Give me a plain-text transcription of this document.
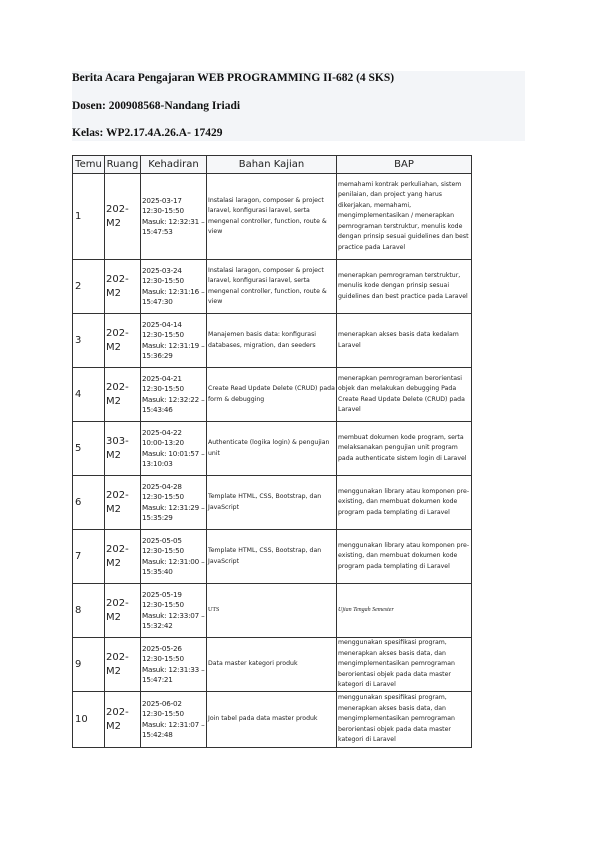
Berita Acara Pengajaran WEB PROGRAMMING II-682 (4 SKS)
Dosen: 200908568-Nandang Iriadi
Kelas: WP2.17.4A.26.A- 17429
Temu	Ruang	Kehadiran	Bahan Kajian	BAP
1	202-M2	2025-03-17 12:30-15:50 Masuk: 12:32:31 –15:47:53	Instalasi laragon, composer & project laravel, konfigurasi laravel, serta mengenal controller, function, route & view	memahami kontrak perkuliahan, sistem penilaian, dan project yang harus dikerjakan, memahami, mengimplementasikan / menerapkan pemrograman terstruktur, menulis kode dengan prinsip sesuai guidelines dan best practice pada Laravel
2	202-M2	2025-03-24 12:30-15:50 Masuk: 12:31:16 – 15:47:30	Instalasi laragon, composer & project laravel, konfigurasi laravel, serta mengenal controller, function, route & view	menerapkan pemrograman terstruktur, menulis kode dengan prinsip sesuai guidelines dan best practice pada Laravel
3	202-M2	2025-04-14 12:30-15:50 Masuk: 12:31:19 – 15:36:29	Manajemen basis data: konfigurasi databases, migration, dan seeders	menerapkan akses basis data kedalam Laravel
4	202-M2	2025-04-21 12:30-15:50 Masuk: 12:32:22 –15:43:46	Create Read Update Delete (CRUD) pada form & debugging	menerapkan pemrograman berorientasi objek dan melakukan debugging Pada Create Read Update Delete (CRUD) pada Laravel
5	303-M2	2025-04-22 10:00-13:20 Masuk: 10:01:57 –13:10:03	Authenticate (logika login) & pengujian unit	membuat dokumen kode program, serta melaksanakan pengujian unit program pada authenticate sistem login di Laravel
6	202-M2	2025-04-28 12:30-15:50 Masuk: 12:31:29 –15:35:29	Template HTML, CSS, Bootstrap, dan JavaScript	menggunakan library atau komponen pre-existing, dan membuat dokumen kode program pada templating di Laravel
7	202-M2	2025-05-05 12:30-15:50 Masuk: 12:31:00 –15:35:40	Template HTML, CSS, Bootstrap, dan JavaScript	menggunakan library atau komponen pre-existing, dan membuat dokumen kode program pada templating di Laravel
8	202-M2	2025-05-19 12:30-15:50 Masuk: 12:33:07 –15:32:42	UTS	Ujian Tengah Semester
9	202-M2	2025-05-26 12:30-15:50 Masuk: 12:31:33 –15:47:21	Data master kategori produk	menggunakan spesifikasi program, menerapkan akses basis data, dan mengimplementasikan pemrograman berorientasi objek pada data master kategori di Laravel
10	202-M2	2025-06-02 12:30-15:50 Masuk: 12:31:07 –15:42:48	Join tabel pada data master produk	menggunakan spesifikasi program, menerapkan akses basis data, dan mengimplementasikan pemrograman berorientasi objek pada data master kategori di Laravel
